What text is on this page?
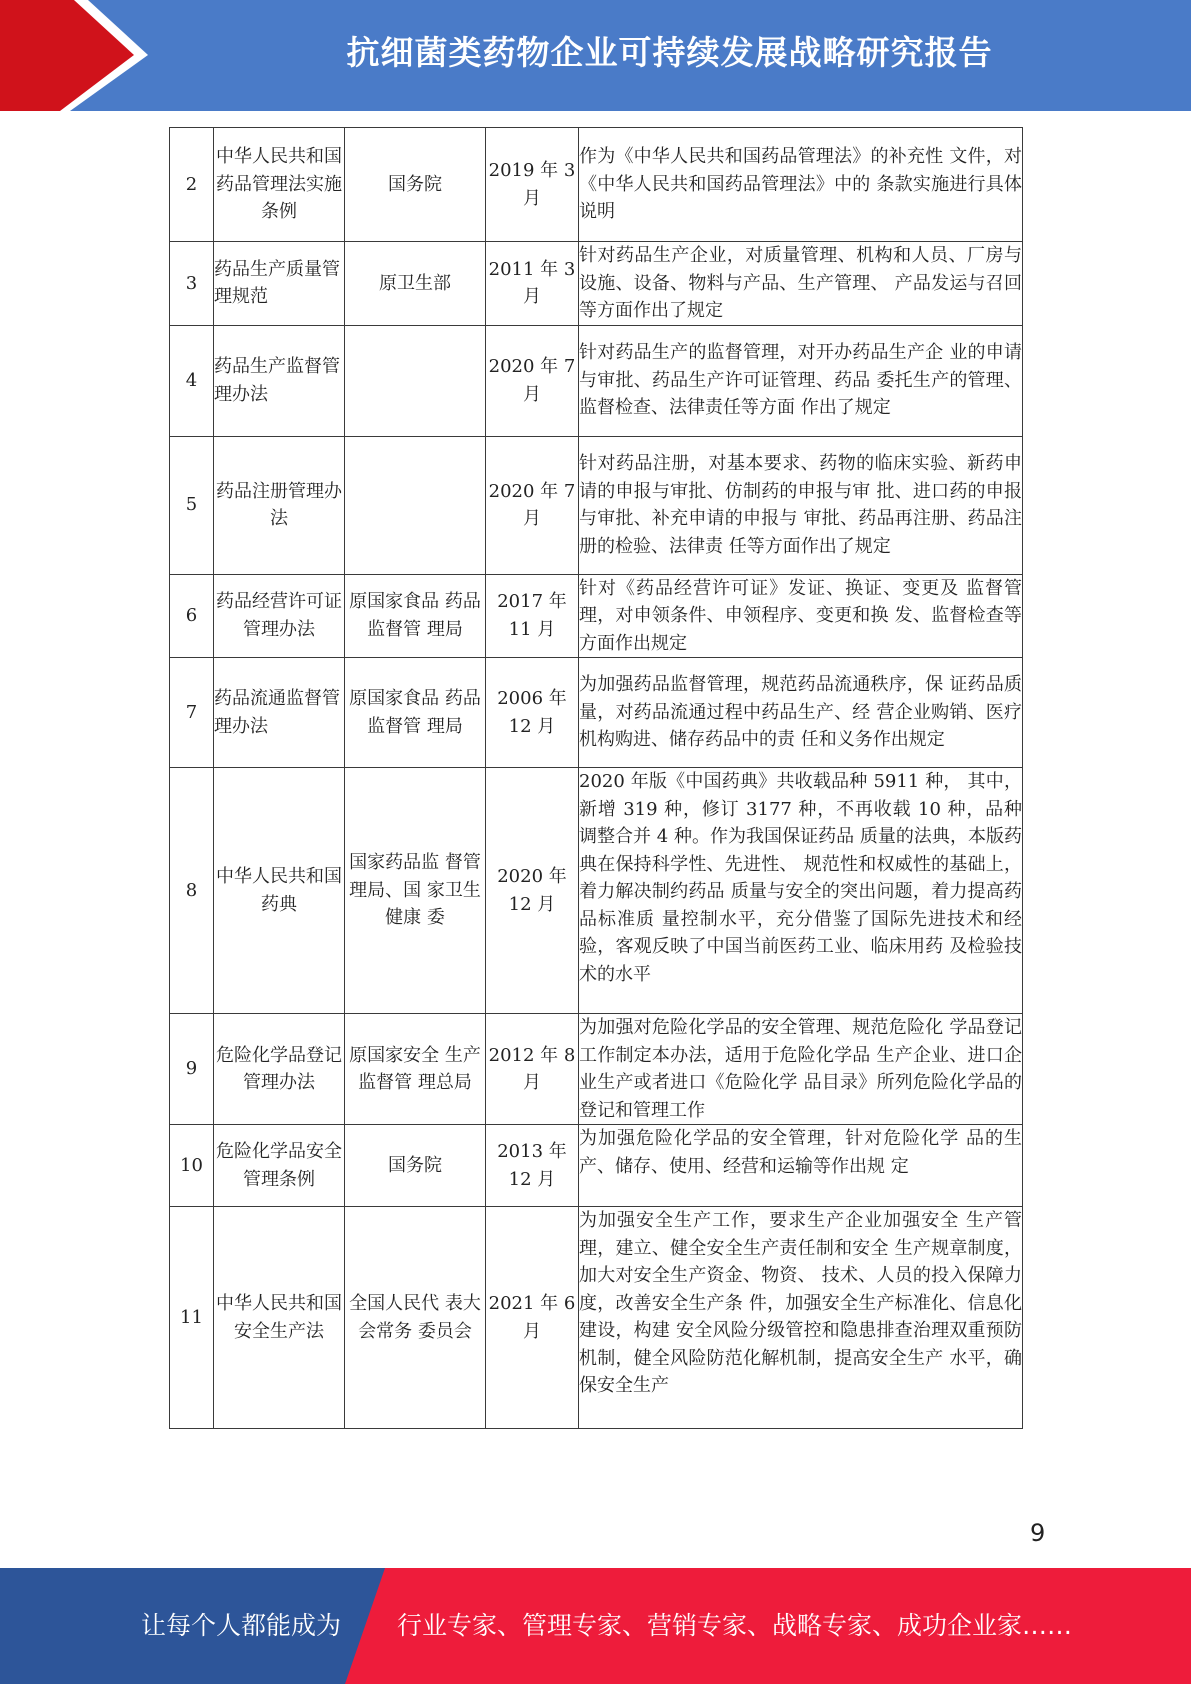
抗细菌类药物企业可持续发展战略研究报告
2	中华人民共和国药品管理法实施条例	国务院	2019 年 3 月	作为《中华人民共和国药品管理法》的补充性 文件，对《中华人民共和国药品管理法》中的 条款实施进行具体说明
3	药品生产质量管理规范	原卫生部	2011 年 3 月	针对药品生产企业，对质量管理、机构和人员、厂房与设施、设备、物料与产品、生产管理、 产品发运与召回等方面作出了规定
4	药品生产监督管理办法		2020 年 7 月	针对药品生产的监督管理，对开办药品生产企 业的申请与审批、药品生产许可证管理、药品 委托生产的管理、监督检查、法律责任等方面 作出了规定
5	药品注册管理办法		2020 年 7 月	针对药品注册，对基本要求、药物的临床实验、新药申请的申报与审批、仿制药的申报与审 批、进口药的申报与审批、补充申请的申报与 审批、药品再注册、药品注册的检验、法律责 任等方面作出了规定
6	药品经营许可证管理办法	原国家食品 药品监督管 理局	2017 年 11 月	针对《药品经营许可证》发证、换证、变更及 监督管理，对申领条件、申领程序、变更和换 发、监督检查等方面作出规定
7	药品流通监督管理办法	原国家食品 药品监督管 理局	2006 年 12 月	为加强药品监督管理，规范药品流通秩序，保 证药品质量，对药品流通过程中药品生产、经 营企业购销、医疗机构购进、储存药品中的责 任和义务作出规定
8	中华人民共和国药典	国家药品监 督管理局、国 家卫生健康 委	2020 年 12 月	2020 年版《中国药典》共收载品种 5911 种， 其中，新增 319 种，修订 3177 种，不再收载 10 种，品种调整合并 4 种。作为我国保证药品 质量的法典，本版药典在保持科学性、先进性、 规范性和权威性的基础上，着力解决制约药品 质量与安全的突出问题，着力提高药品标准质 量控制水平，充分借鉴了国际先进技术和经 验，客观反映了中国当前医药工业、临床用药 及检验技术的水平
9	危险化学品登记管理办法	原国家安全 生产监督管 理总局	2012 年 8 月	为加强对危险化学品的安全管理、规范危险化 学品登记工作制定本办法，适用于危险化学品 生产企业、进口企业生产或者进口《危险化学 品目录》所列危险化学品的登记和管理工作
10	危险化学品安全管理条例	国务院	2013 年 12 月	为加强危险化学品的安全管理，针对危险化学 品的生产、储存、使用、经营和运输等作出规 定
11	中华人民共和国安全生产法	全国人民代 表大会常务 委员会	2021 年 6 月	为加强安全生产工作，要求生产企业加强安全 生产管理，建立、健全安全生产责任制和安全 生产规章制度，加大对安全生产资金、物资、 技术、人员的投入保障力度，改善安全生产条 件，加强安全生产标准化、信息化建设，构建 安全风险分级管控和隐患排查治理双重预防 机制，健全风险防范化解机制，提高安全生产 水平，确保安全生产
9
让每个人都能成为 行业专家、管理专家、营销专家、战略专家、成功企业家……
